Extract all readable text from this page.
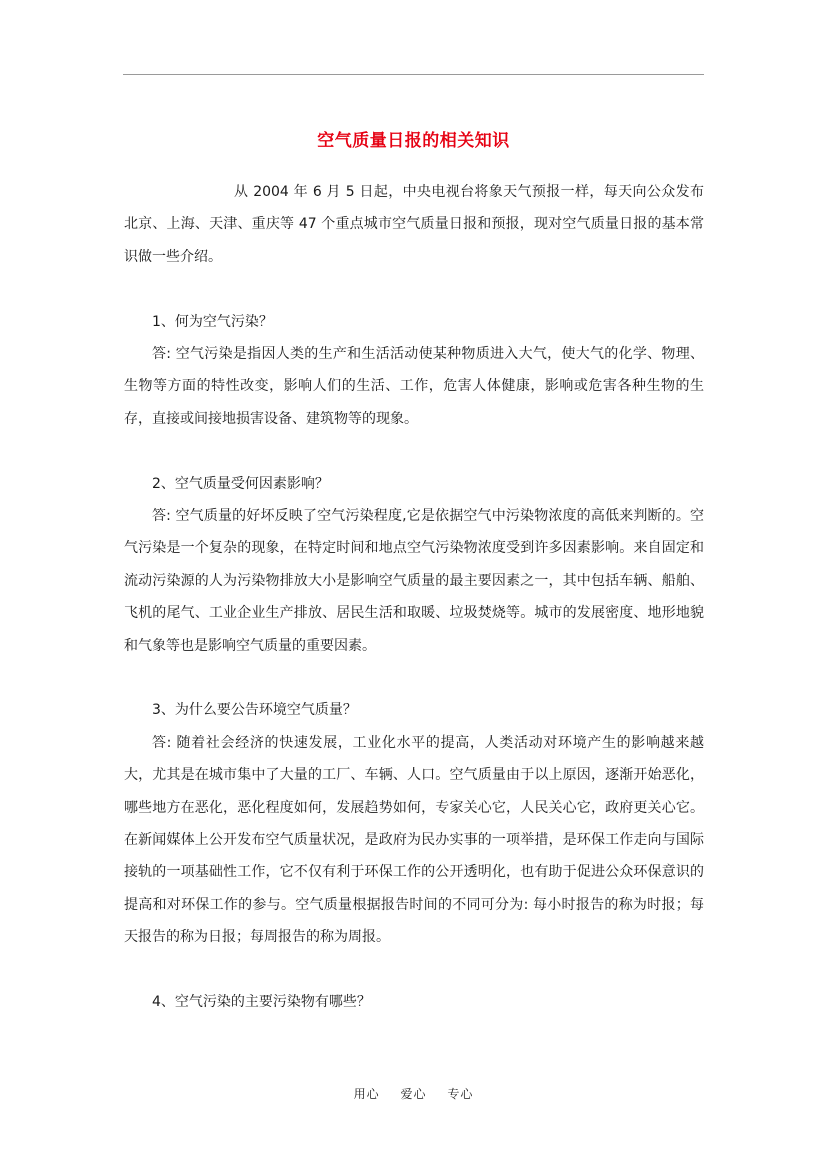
空气质量日报的相关知识

从 2004 年 6 月 5 日起，中央电视台将象天气预报一样，每天向公众发布北京、上海、天津、重庆等 47 个重点城市空气质量日报和预报，现对空气质量日报的基本常识做一些介绍。

1、何为空气污染？

答: 空气污染是指因人类的生产和生活活动使某种物质进入大气，使大气的化学、物理、生物等方面的特性改变，影响人们的生活、工作，危害人体健康，影响或危害各种生物的生存，直接或间接地损害设备、建筑物等的现象。

2、空气质量受何因素影响？

答: 空气质量的好坏反映了空气污染程度,它是依据空气中污染物浓度的高低来判断的。空气污染是一个复杂的现象，在特定时间和地点空气污染物浓度受到许多因素影响。来自固定和流动污染源的人为污染物排放大小是影响空气质量的最主要因素之一，其中包括车辆、船舶、飞机的尾气、工业企业生产排放、居民生活和取暖、垃圾焚烧等。城市的发展密度、地形地貌和气象等也是影响空气质量的重要因素。

3、为什么要公告环境空气质量？

答: 随着社会经济的快速发展，工业化水平的提高，人类活动对环境产生的影响越来越大，尤其是在城市集中了大量的工厂、车辆、人口。空气质量由于以上原因，逐渐开始恶化，哪些地方在恶化，恶化程度如何，发展趋势如何，专家关心它，人民关心它，政府更关心它。在新闻媒体上公开发布空气质量状况，是政府为民办实事的一项举措，是环保工作走向与国际接轨的一项基础性工作，它不仅有利于环保工作的公开透明化，也有助于促进公众环保意识的提高和对环保工作的参与。空气质量根据报告时间的不同可分为: 每小时报告的称为时报；每天报告的称为日报；每周报告的称为周报。

4、空气污染的主要污染物有哪些？

用心 爱心 专心
